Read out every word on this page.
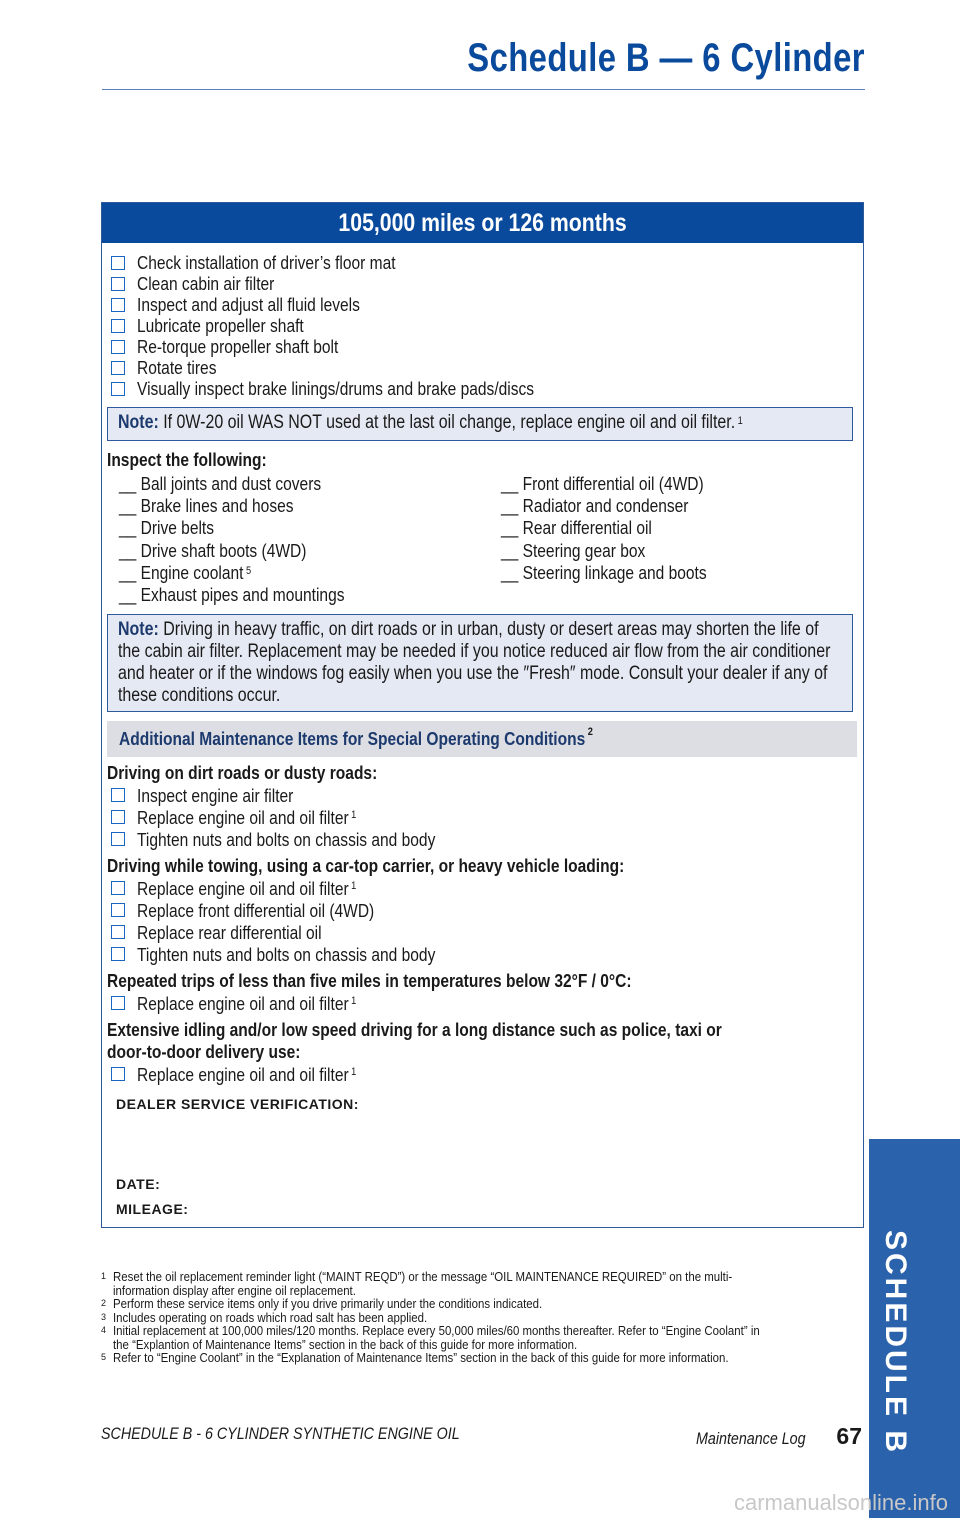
Schedule B — 6 Cylinder
105,000 miles or 126 months
Check installation of driver’s floor mat
Clean cabin air filter
Inspect and adjust all fluid levels
Lubricate propeller shaft
Re-torque propeller shaft bolt
Rotate tires
Visually inspect brake linings/drums and brake pads/discs
Note: If 0W-20 oil WAS NOT used at the last oil change, replace engine oil and oil filter. $^1$
Inspect the following:
__ Ball joints and dust covers
__ Brake lines and hoses
__ Drive belts
__ Drive shaft boots (4WD)
__ Engine coolant $^5$
__ Exhaust pipes and mountings
__ Front differential oil (4WD)
__ Radiator and condenser
__ Rear differential oil
__ Steering gear box
__ Steering linkage and boots
Note: Driving in heavy traffic, on dirt roads or in urban, dusty or desert areas may shorten the life of the cabin air filter. Replacement may be needed if you notice reduced air flow from the air conditioner and heater or if the windows fog easily when you use the ″Fresh″ mode. Consult your dealer if any of these conditions occur.
Additional Maintenance Items for Special Operating Conditions $^2$
Driving on dirt roads or dusty roads:
Inspect engine air filter
Replace engine oil and oil filter $^1$
Tighten nuts and bolts on chassis and body
Driving while towing, using a car-top carrier, or heavy vehicle loading:
Replace engine oil and oil filter $^1$
Replace front differential oil (4WD)
Replace rear differential oil
Tighten nuts and bolts on chassis and body
Repeated trips of less than five miles in temperatures below 32°F / 0°C:
Replace engine oil and oil filter $^1$
Extensive idling and/or low speed driving for a long distance such as police, taxi or
door-to-door delivery use:
Replace engine oil and oil filter $^1$
DEALER SERVICE VERIFICATION:
DATE:
MILEAGE:
1 Reset the oil replacement reminder light (“MAINT REQD”) or the message “OIL MAINTENANCE REQUIRED” on the multi-information display after engine oil replacement.
2 Perform these service items only if you drive primarily under the conditions indicated.
3 Includes operating on roads which road salt has been applied.
4 Initial replacement at 100,000 miles/120 months. Replace every 50,000 miles/60 months thereafter. Refer to “Engine Coolant” in the “Explantion of Maintenance Items” section in the back of this guide for more information.
5 Refer to “Engine Coolant” in the “Explanation of Maintenance Items” section in the back of this guide for more information.
SCHEDULE B - 6 CYLINDER SYNTHETIC ENGINE OIL	Maintenance Log 67 SCHEDULE B
carmanualsonline.info
